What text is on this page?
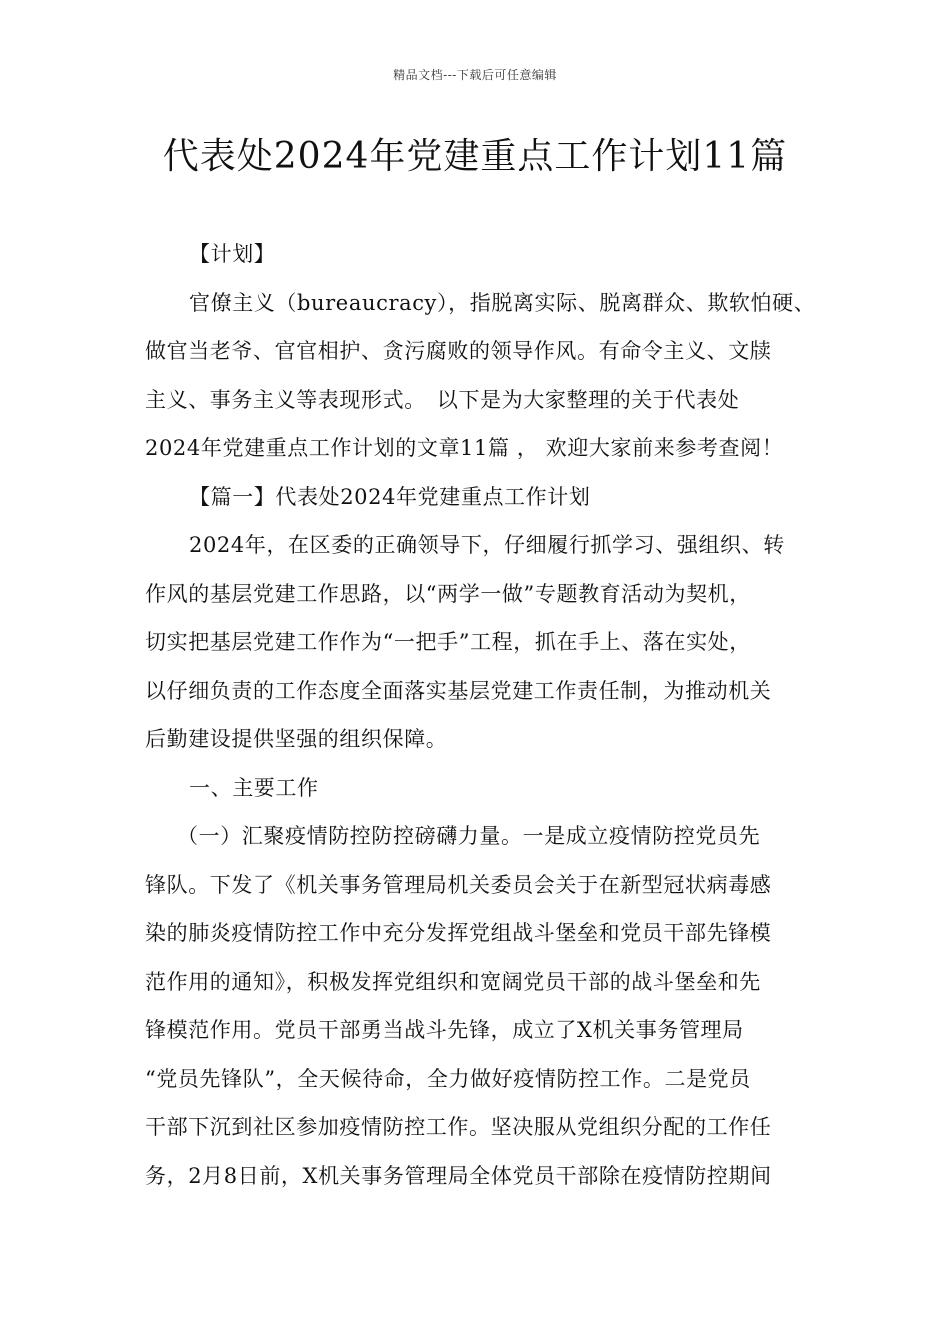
精品文档---下载后可任意编辑
代表处2024年党建重点工作计划11篇
【计划】
官僚主义（bureaucracy），指脱离实际、脱离群众、欺软怕硬、
做官当老爷、官官相护、贪污腐败的领导作风。有命令主义、文牍
主义、事务主义等表现形式。　以下是为大家整理的关于代表处
2024年党建重点工作计划的文章11篇 ， 欢迎大家前来参考查阅！
【篇一】代表处2024年党建重点工作计划
2024年，在区委的正确领导下，仔细履行抓学习、强组织、转
作风的基层党建工作思路，以“两学一做”专题教育活动为契机，
切实把基层党建工作作为“一把手”工程，抓在手上、落在实处，
以仔细负责的工作态度全面落实基层党建工作责任制，为推动机关
后勤建设提供坚强的组织保障。
一、主要工作
（一）汇聚疫情防控防控磅礴力量。一是成立疫情防控党员先
锋队。下发了《机关事务管理局机关委员会关于在新型冠状病毒感
染的肺炎疫情防控工作中充分发挥党组战斗堡垒和党员干部先锋模
范作用的通知》，积极发挥党组织和宽阔党员干部的战斗堡垒和先
锋模范作用。党员干部勇当战斗先锋，成立了X机关事务管理局
“党员先锋队”，全天候待命，全力做好疫情防控工作。二是党员
干部下沉到社区参加疫情防控工作。坚决服从党组织分配的工作任
务，2月8日前，X机关事务管理局全体党员干部除在疫情防控期间
